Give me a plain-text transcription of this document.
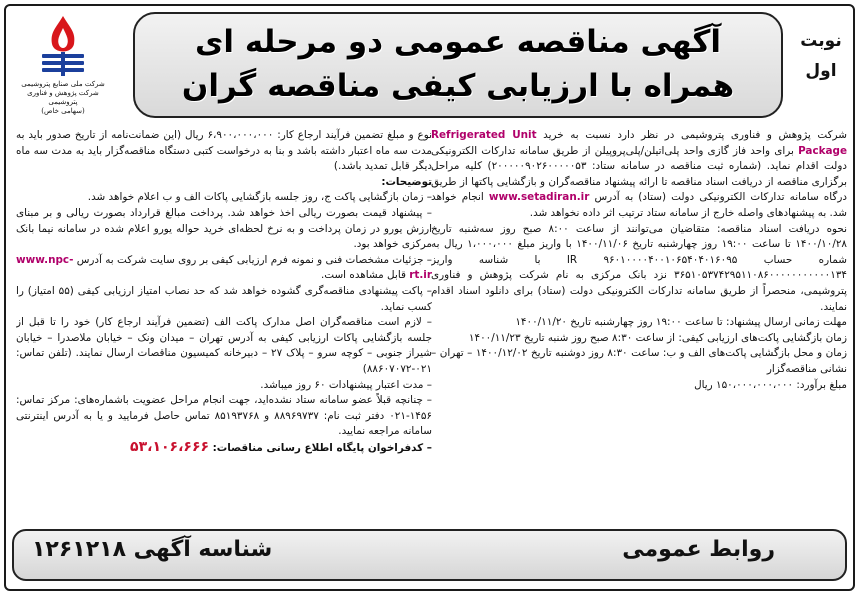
نوبت اول
آگهی مناقصه عمومی دو مرحله ای
همراه با ارزیابی کیفی مناقصه گران
شرکت ملی صنایع پتروشیمی
شرکت پژوهش و فناوری پتروشیمی
(سهامی خاص)

شرکت پژوهش و فناوری پتروشیمی در نظر دارد نسبت به خرید Refrigerated Unit Package برای واحد فاز گازی واحد پلی‌اتیلن/پلی‌پروپیلن از طریق سامانه تدارکات الکترونیکی دولت اقدام نماید. (شماره ثبت مناقصه در سامانه ستاد: ۲۰۰۰۰۰۹۰۲۶۰۰۰۰۰۵۳) کلیه مراحل برگزاری مناقصه از دریافت اسناد مناقصه تا ارائه پیشنهاد مناقصه‌گران و بازگشایی پاکتها از طریق درگاه سامانه تدارکات الکترونیکی دولت (ستاد) به آدرس www.setadiran.ir انجام خواهد شد. به پیشنهادهای واصله خارج از سامانه ستاد ترتیب اثر داده نخواهد شد.

نحوه دریافت اسناد مناقصه: متقاضیان می‌توانند از ساعت ۸:۰۰ صبح روز سه‌شنبه تاریخ ۱۴۰۰/۱۰/۲۸ تا ساعت ۱۹:۰۰ روز چهارشنبه تاریخ ۱۴۰۰/۱۱/۰۶ با واریز مبلغ ۱،۰۰۰،۰۰۰ ریال به شماره حساب IR ۹۶۰۱۰۰۰۰۴۰۰۱۰۶۵۴۰۴۰۱۶۰۹۵ با شناسه واریز ۳۶۵۱۰۵۳۷۴۲۹۵۱۱۰۸۶۰۰۰۰۰۰۰۰۰۰۰۱۳۴ نزد بانک مرکزی به نام شرکت پژوهش و فناوری پتروشیمی، منحصراً از طریق سامانه تدارکات الکترونیکی دولت (ستاد) برای دانلود اسناد اقدام نمایند.

مهلت زمانی ارسال پیشنهاد: تا ساعت ۱۹:۰۰ روز چهارشنبه تاریخ ۱۴۰۰/۱۱/۲۰

زمان بازگشایی پاکت‌های ارزیابی کیفی: از ساعت ۸:۳۰ صبح روز شنبه تاریخ ۱۴۰۰/۱۱/۲۳

زمان و محل بازگشایی پاکت‌های الف و ب: ساعت ۸:۳۰ روز دوشنبه تاریخ ۱۴۰۰/۱۲/۰۲ – تهران – نشانی مناقصه‌گزار

مبلغ برآورد: ۱۵۰،۰۰۰،۰۰۰،۰۰۰ ریال

نوع و مبلغ تضمین فرآیند ارجاع کار: ۶،۹۰۰،۰۰۰،۰۰۰ ریال (این ضمانت‌نامه از تاریخ صدور باید به مدت سه ماه اعتبار داشته باشد و بنا به درخواست کتبی دستگاه مناقصه‌گزار باید به مدت سه ماه دیگر قابل تمدید باشد.)

توضیحات:

– زمان بازگشایی پاکت ج، روز جلسه بازگشایی پاکات الف و ب اعلام خواهد شد.

– پیشنهاد قیمت بصورت ریالی اخذ خواهد شد. پرداخت مبالغ قرارداد بصورت ریالی و بر مبنای ارزش یورو در زمان پرداخت و به نرخ لحظه‌ای خرید حواله یورو اعلام شده در سامانه نیما بانک مرکزی خواهد بود.

– جزئیات مشخصات فنی و نمونه فرم ارزیابی کیفی بر روی سایت شرکت به آدرس www.npc-rt.ir قابل مشاهده است.

– پاکت پیشنهادی مناقصه‌گری گشوده خواهد شد که حد نصاب امتیاز ارزیابی کیفی (۵۵ امتیاز) را کسب نماید.

– لازم است مناقصه‌گران اصل مدارک پاکت الف (تضمین فرآیند ارجاع کار) خود را تا قبل از جلسه بازگشایی پاکات ارزیابی کیفی به آدرس تهران – میدان ونک – خیابان ملاصدرا – خیابان شیراز جنوبی – کوچه سرو – پلاک ۲۷ – دبیرخانه کمیسیون مناقصات ارسال نمایند. (تلفن تماس: ۰۲۱-۸۸۶۰۷۰۷۲)

– مدت اعتبار پیشنهادات ۶۰ روز میباشد.

– چنانچه قبلاً عضو سامانه ستاد نشده‌اید، جهت انجام مراحل عضویت باشماره‌های: مرکز تماس: ۱۴۵۶-۰۲۱ دفتر ثبت نام: ۸۸۹۶۹۷۳۷ و ۸۵۱۹۳۷۶۸ تماس حاصل فرمایید و یا به آدرس اینترنتی سامانه مراجعه نمایید.

– کدفراخوان پایگاه اطلاع رسانی مناقصات: ۵۳،۱۰۶،۶۶۶

روابط عمومی
شناسه آگهی ۱۲۶۱۲۱۸
